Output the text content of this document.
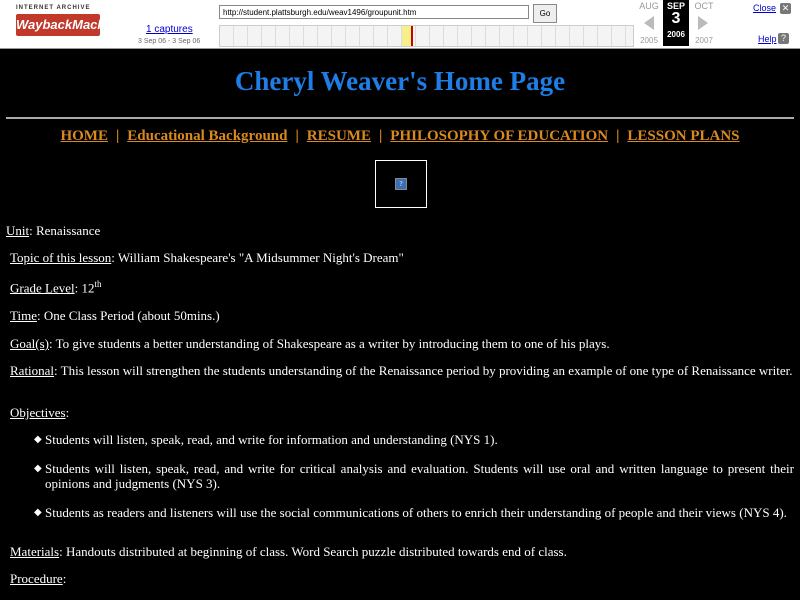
INTERNET ARCHIVE
WaybackMachine
http://student.plattsburgh.edu/weav1496/groupunit.htm	Go
1 captures
3 Sep 06 - 3 Sep 06
AUG
2005
SEP
3
2006
OCT
2007
Close ✕
Help ?
Cheryl Weaver's Home Page
HOME | Educational Background | RESUME | PHILOSOPHY OF EDUCATION | LESSON PLANS
?
Unit: Renaissance
Topic of this lesson: William Shakespeare's "A Midsummer Night's Dream"
Grade Level: 12th
Time: One Class Period (about 50mins.)
Goal(s): To give students a better understanding of Shakespeare as a writer by introducing them to one of his plays.
Rational: This lesson will strengthen the students understanding of the Renaissance period by providing an example of one type of Renaissance writer.
Objectives:
◆ Students will listen, speak, read, and write for information and understanding (NYS 1).
◆ Students will listen, speak, read, and write for critical analysis and evaluation. Students will use oral and written language to present their opinions and judgments (NYS 3).
◆ Students as readers and listeners will use the social communications of others to enrich their understanding of people and their views (NYS 4).
Materials: Handouts distributed at beginning of class. Word Search puzzle distributed towards end of class.
Procedure:
